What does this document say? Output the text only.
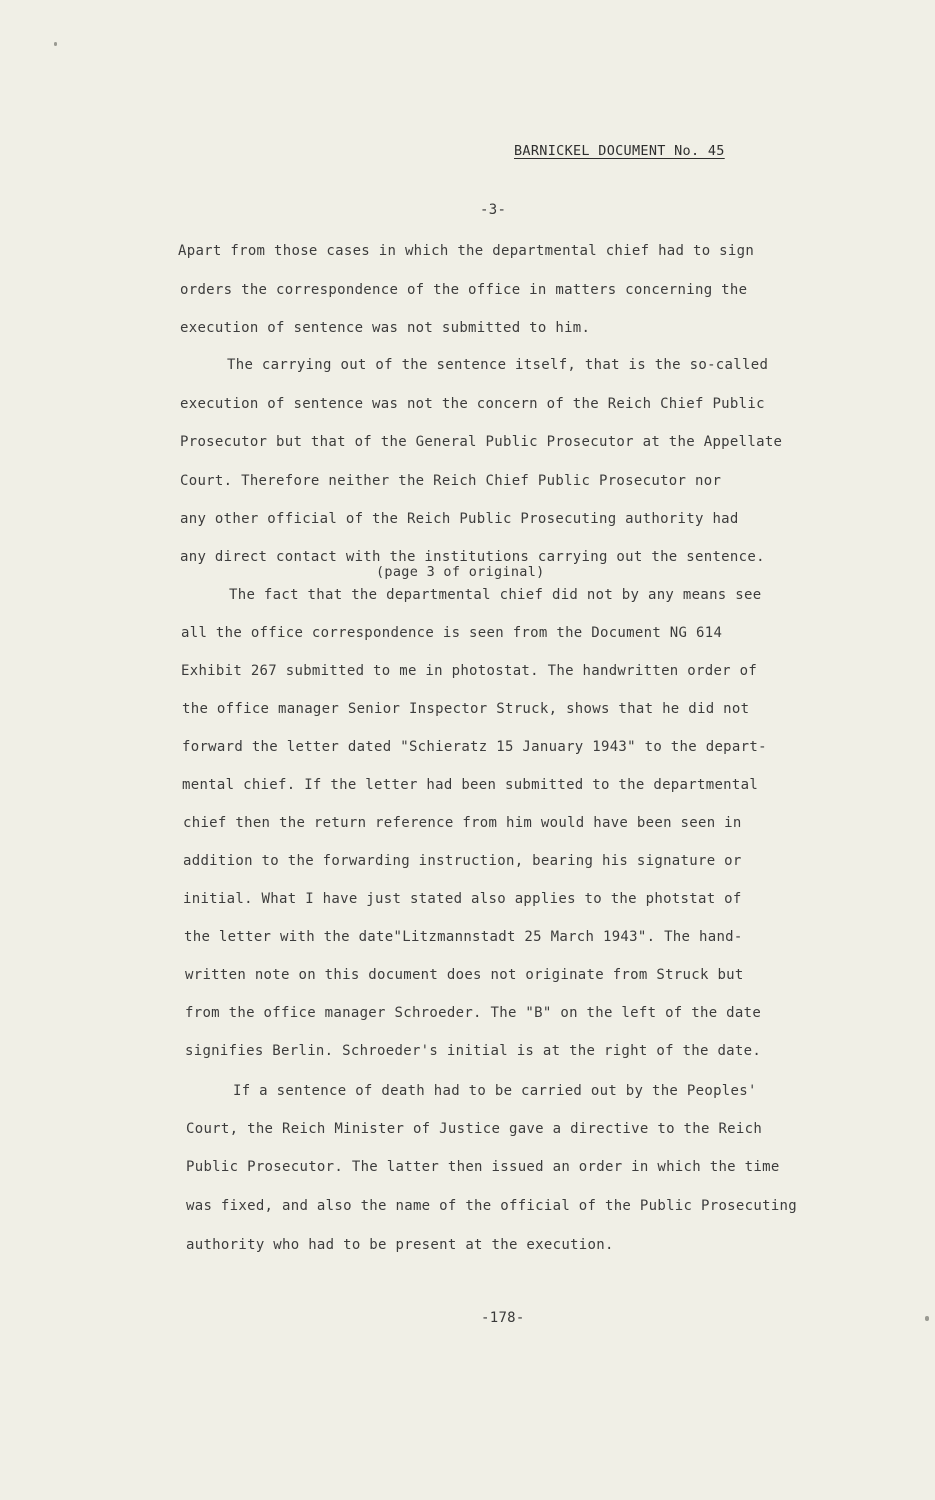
BARNICKEL DOCUMENT No. 45
-3-
Apart from those cases in which the departmental chief had to sign
orders the correspondence of the office in matters concerning the
execution of sentence was not submitted to him.
The carrying out of the sentence itself, that is the so-called
execution of sentence was not the concern of the Reich Chief Public
Prosecutor but that of the General Public Prosecutor at the Appellate
Court. Therefore neither the Reich Chief Public Prosecutor nor
any other official of the Reich Public Prosecuting authority had
any direct contact with the institutions carrying out the sentence.
(page 3 of original)
The fact that the departmental chief did not by any means see
all the office correspondence is seen from the Document NG 614
Exhibit 267 submitted to me in photostat. The handwritten order of
the office manager Senior Inspector Struck, shows that he did not
forward the letter dated "Schieratz 15 January 1943" to the depart-
mental chief. If the letter had been submitted to the departmental
chief then the return reference from him would have been seen in
addition to the forwarding instruction, bearing his signature or
initial. What I have just stated also applies to the photstat of
the letter with the date"Litzmannstadt 25 March 1943". The hand-
written note on this document does not originate from Struck but
from the office manager Schroeder. The "B" on the left of the date
signifies Berlin. Schroeder's initial is at the right of the date.
If a sentence of death had to be carried out by the Peoples'
Court, the Reich Minister of Justice gave a directive to the Reich
Public Prosecutor. The latter then issued an order in which the time
was fixed, and also the name of the official of the Public Prosecuting
authority who had to be present at the execution.
-178-
